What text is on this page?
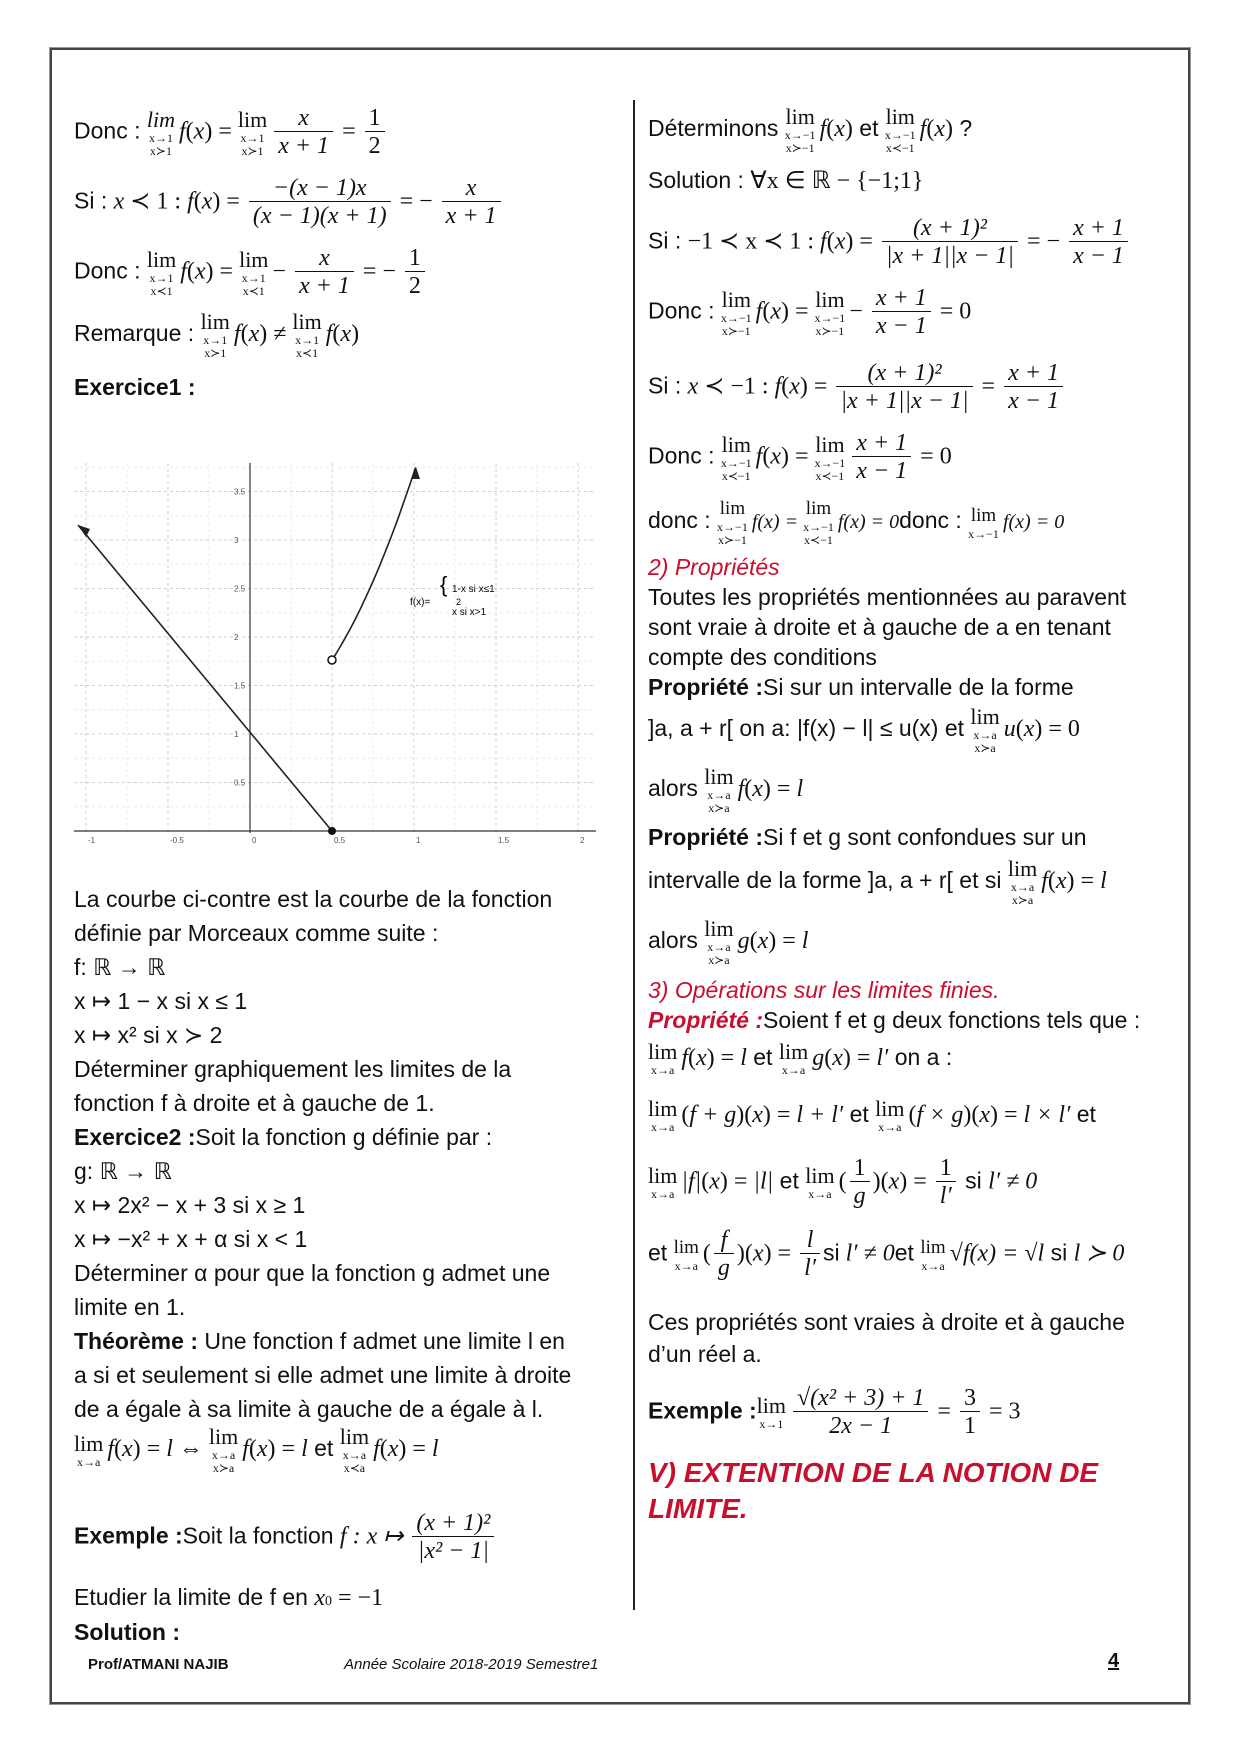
Donc : lim
x→1
x≻1
f(x) = lim
x→1
x≻1 $\frac{x}{x + 1} = \frac{1}{2}$
Si : x ≺ 1 : $f(x) = \frac{-(x - 1)x}{(x - 1)(x + 1)}$ = − $\frac{x}{x + 1}$
Donc : lim
x→1
x≺1
f(x) = lim
x→1
x≺1
− $\frac{x}{x + 1}$ = − $\frac{1}{2}$
Remarque : lim
x→1
x≻1
f(x) ≠ lim
x→1
x≺1
f(x)
Exercice1 :
La courbe ci-contre est la courbe de la fonction
définie par Morceaux comme suite :
f: ℝ → ℝ
x ↦ 1 − x si x ≤ 1
x ↦ x² si x ≻ 2
Déterminer graphiquement les limites de la
fonction f à droite et à gauche de 1.
Exercice2 :Soit la fonction g définie par :
g: ℝ → ℝ
x ↦ 2x² − x + 3 si x ≥ 1
x ↦ −x² + x + α si x < 1
Déterminer α pour que la fonction g admet une
limite en 1.
Théorème : Une fonction f admet une limite l en
a si et seulement si elle admet une limite à droite
de a égale à sa limite à gauche de a égale à l.
lim
x→a f(x) = l ⇔ lim
x→a
x≻a
f(x) = l et lim
x→a
x≺a
f(x) = l
Exemple :Soit la fonction f : x ↦ $\frac{\text{(x + 1)²}}{\text{|x² − 1|}}$
Etudier la limite de f en x0 = −1
Solution :
-1	-0.5	0	0.5	1	1.5	2
3.5
3
2.5
2
1.5
1
0.5
f(x)=
{ 1-x si x≤1
2
x si x>1
Déterminons lim
x→−1
x≻−1
f(x) et lim
x→−1
x≺−1
f(x) ?
Solution : ∀x ∈ ℝ − {−1;1}
Si : −1 ≺ x ≺ 1 : $f(x) = \frac{\text{(x + 1)²}}{|x + 1||x - 1|}$ = − $\frac{x + 1}{x - 1}$
Donc : lim
x→−1
x≻−1
f(x) = lim
x→−1
x≻−1
− $\frac{x + 1}{x - 1} = 0$
Si : x ≺ −1 : $f(x) = \frac{\text{(x + 1)²}}{|x + 1||x - 1|} = \frac{x + 1}{x - 1}$
Donc : lim
x→−1
x≺−1
f(x) = lim
x→−1
x≺−1 $\frac{x + 1}{x - 1} = 0$
donc : lim
x→−1
x≻−1
f(x) =
lim
x→−1
x≺−1
f(x) = 0donc : lim
x→−1
f(x) = 0
2) Propriétés
Toutes les propriétés mentionnées au paravent
sont vraie à droite et à gauche de a en tenant
compte des conditions
Propriété :Si sur un intervalle de la forme
]a, a + r[ on a: |f(x) − l| ≤ u(x) et lim
x→a
x≻a
u(x) = 0
alors lim
x→a
x≻a
f(x) = l
Propriété :Si f et g sont confondues sur un
intervalle de la forme ]a, a + r[ et si lim
x→a
x≻a
f(x) = l
alors lim
x→a
x≻a
g(x) = l
3) Opérations sur les limites finies.
Propriété :Soient f et g deux fonctions tels que :
lim
x→a f(x) = l et lim
x→a g(x) = l′ on a :
lim
x→a (f + g)(x) = l + l′ et lim
x→a (f × g)(x) = l × l′ et
lim
x→a |f|(x) = |l| et lim
x→a ( $\frac{1}{g} )(x) = \frac{1}{l'}$ si l′ ≠ 0
et lim
x→a ( $\frac{f}{g} )(x) = \frac{l}{l'}$ si l′ ≠ 0et lim
x→a √f(x) = √l si l ≻ 0
Ces propriétés sont vraies à droite et à gauche
d’un réel a.
Exemple : lim
$x\to 1 \frac{\text{√(x² + 3) + 1}}{2x - 1} = \frac{3}{1} = 3$
V) EXTENTION DE LA NOTION DE
LIMITE.
Prof/ATMANI NAJIB	Année Scolaire 2018-2019 Semestre1	4
